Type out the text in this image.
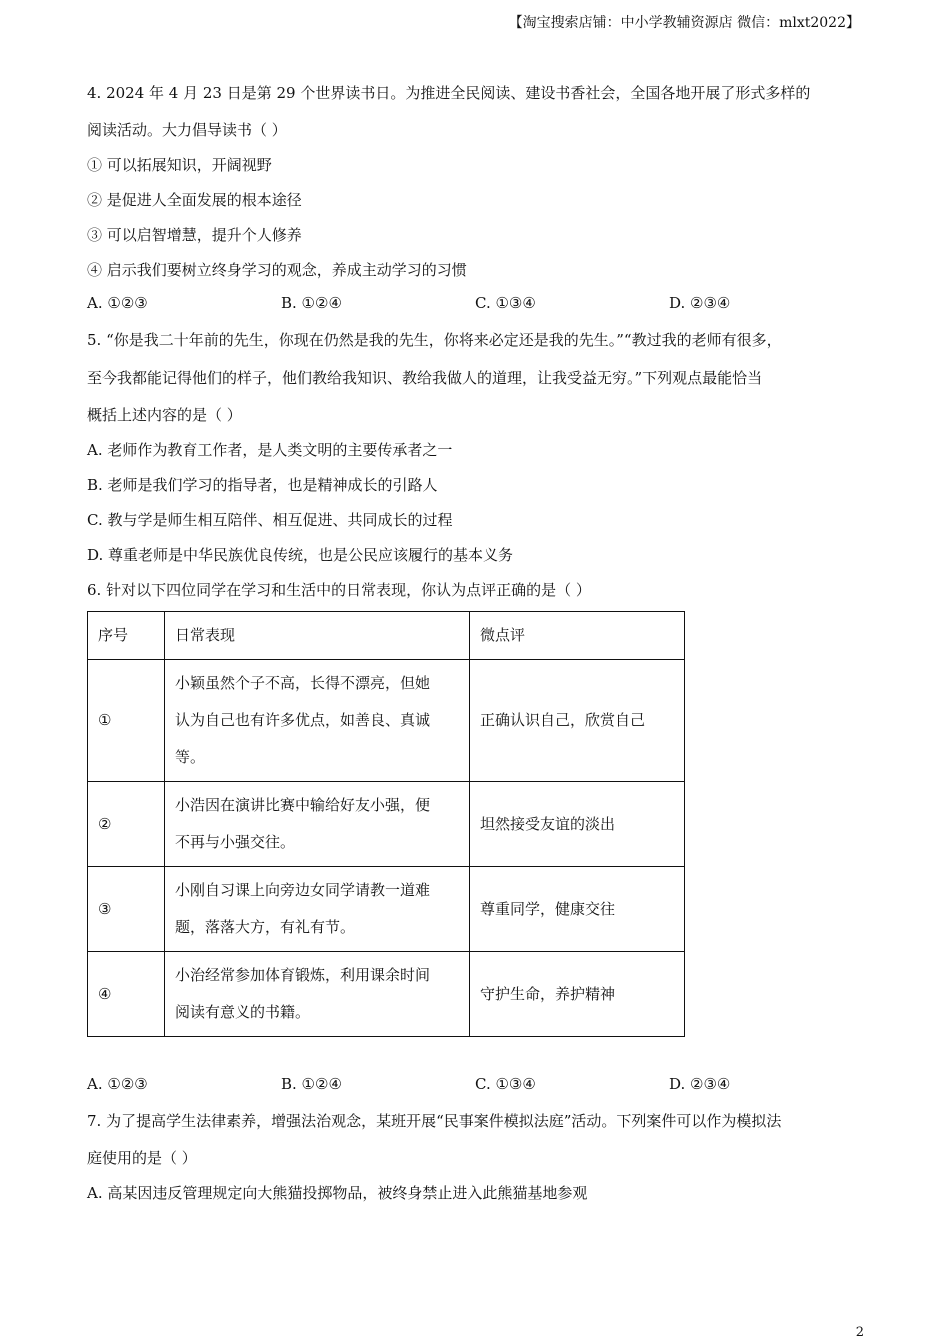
【淘宝搜索店铺：中小学教辅资源店 微信：mlxt2022】
4. 2024 年 4 月 23 日是第 29 个世界读书日。为推进全民阅读、建设书香社会，全国各地开展了形式多样的
阅读活动。大力倡导读书（ ）
① 可以拓展知识，开阔视野
② 是促进人全面发展的根本途径
③ 可以启智增慧，提升个人修养
④ 启示我们要树立终身学习的观念，养成主动学习的习惯
A. ①②③	B. ①②④	C. ①③④	D. ②③④
5. “你是我二十年前的先生，你现在仍然是我的先生，你将来必定还是我的先生。”“教过我的老师有很多，
至今我都能记得他们的样子，他们教给我知识、教给我做人的道理，让我受益无穷。”下列观点最能恰当
概括上述内容的是（ ）
A. 老师作为教育工作者，是人类文明的主要传承者之一
B. 老师是我们学习的指导者，也是精神成长的引路人
C. 教与学是师生相互陪伴、相互促进、共同成长的过程
D. 尊重老师是中华民族优良传统，也是公民应该履行的基本义务
6. 针对以下四位同学在学习和生活中的日常表现，你认为点评正确的是（ ）
序号	日常表现	微点评
①	小颖虽然个子不高，长得不漂亮，但她
认为自己也有许多优点，如善良、真诚
等。	正确认识自己，欣赏自己
②	小浩因在演讲比赛中输给好友小强，便
不再与小强交往。	坦然接受友谊的淡出
③	小刚自习课上向旁边女同学请教一道难
题，落落大方，有礼有节。	尊重同学，健康交往
④	小治经常参加体育锻炼，利用课余时间
阅读有意义的书籍。	守护生命，养护精神
A. ①②③	B. ①②④	C. ①③④	D. ②③④
7. 为了提高学生法律素养，增强法治观念，某班开展“民事案件模拟法庭”活动。下列案件可以作为模拟法
庭使用的是（ ）
A. 高某因违反管理规定向大熊猫投掷物品，被终身禁止进入此熊猫基地参观
2
